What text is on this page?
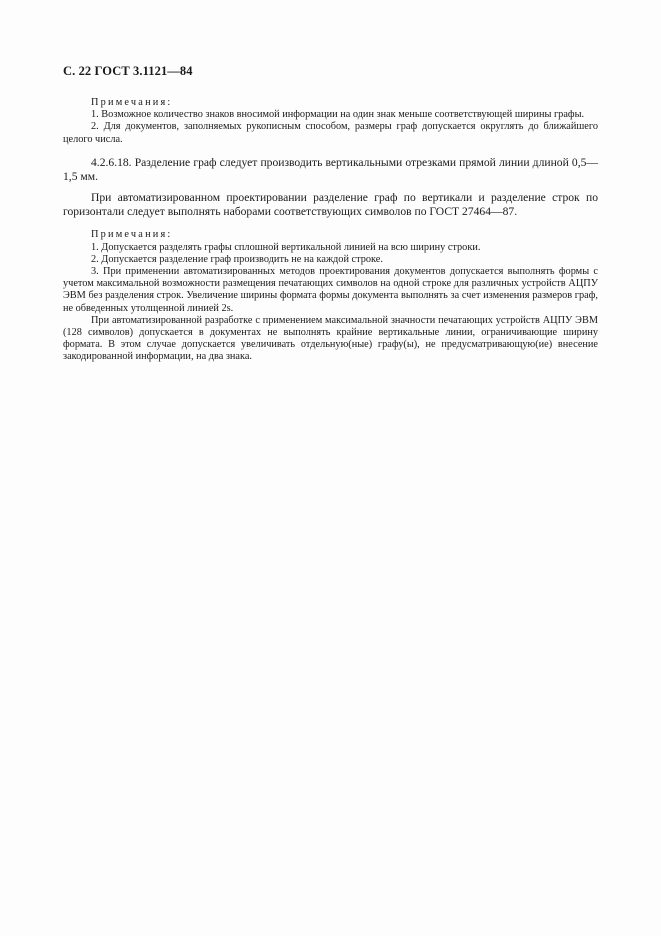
С. 22 ГОСТ 3.1121—84

Примечания:

1. Возможное количество знаков вносимой информации на один знак меньше соответствующей ширины графы.

2. Для документов, заполняемых рукописным способом, размеры граф допускается округлять до ближайшего целого числа.

4.2.6.18. Разделение граф следует производить вертикальными отрезками прямой линии длиной 0,5—1,5 мм.

При автоматизированном проектировании разделение граф по вертикали и разделение строк по горизонтали следует выполнять наборами соответствующих символов по ГОСТ 27464—87.

Примечания:

1. Допускается разделять графы сплошной вертикальной линией на всю ширину строки.

2. Допускается разделение граф производить не на каждой строке.

3. При применении автоматизированных методов проектирования документов допускается выполнять формы с учетом максимальной возможности размещения печатающих символов на одной строке для различных устройств АЦПУ ЭВМ без разделения строк. Увеличение ширины формата формы документа выполнять за счет изменения размеров граф, не обведенных утолщенной линией 2s.

При автоматизированной разработке с применением максимальной значности печатающих устройств АЦПУ ЭВМ (128 символов) допускается в документах не выполнять крайние вертикальные линии, ограничивающие ширину формата. В этом случае допускается увеличивать отдельную(ные) графу(ы), не предусматривающую(ие) внесение закодированной информации, на два знака.
